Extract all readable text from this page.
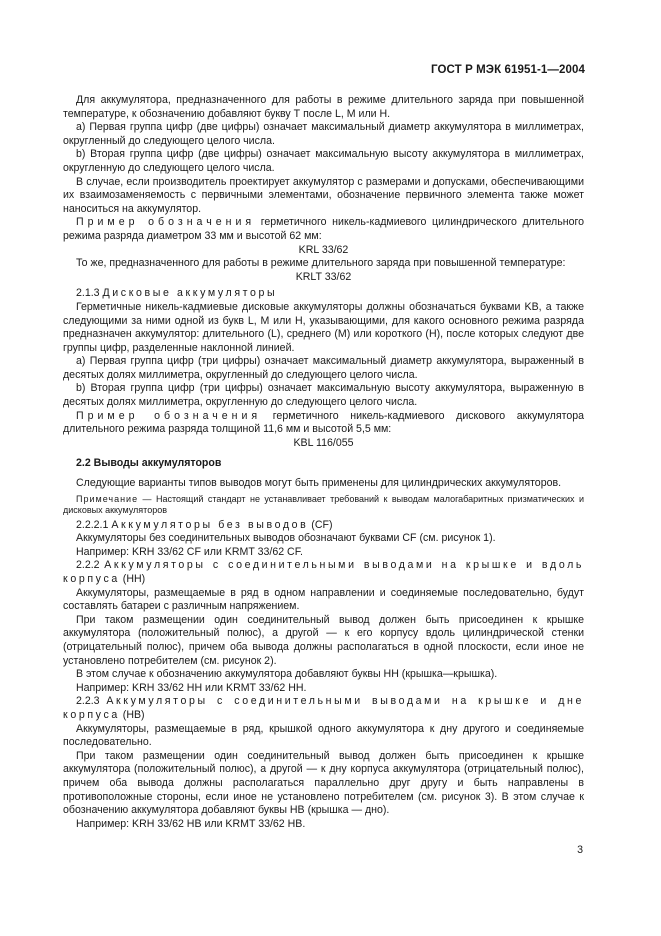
ГОСТ Р МЭК 61951-1—2004

Для аккумулятора, предназначенного для работы в режиме длительного заряда при повышенной температуре, к обозначению добавляют букву Т после L, M или Н.

a) Первая группа цифр (две цифры) означает максимальный диаметр аккумулятора в миллиметрах, округленный до следующего целого числа.

b) Вторая группа цифр (две цифры) означает максимальную высоту аккумулятора в миллиметрах, округленную до следующего целого числа.

В случае, если производитель проектирует аккумулятор с размерами и допусками, обеспечивающими их взаимозаменяемость с первичными элементами, обозначение первичного элемента также может наноситься на аккумулятор.

Пример обозначения герметичного никель-кадмиевого цилиндрического длительного режима разряда диаметром 33 мм и высотой 62 мм:

KRL 33/62

То же, предназначенного для работы в режиме длительного заряда при повышенной температуре:

KRLT 33/62

2.1.3 Дисковые аккумуляторы

Герметичные никель-кадмиевые дисковые аккумуляторы должны обозначаться буквами KB, а также следующими за ними одной из букв L, M или Н, указывающими, для какого основного режима разряда предназначен аккумулятор: длительного (L), среднего (М) или короткого (Н), после которых следуют две группы цифр, разделенные наклонной линией.

a) Первая группа цифр (три цифры) означает максимальный диаметр аккумулятора, выраженный в десятых долях миллиметра, округленный до следующего целого числа.

b) Вторая группа цифр (три цифры) означает максимальную высоту аккумулятора, выраженную в десятых долях миллиметра, округленную до следующего целого числа.

Пример обозначения герметичного никель-кадмиевого дискового аккумулятора длительного режима разряда толщиной 11,6 мм и высотой 5,5 мм:

KBL 116/055

2.2 Выводы аккумуляторов

Следующие варианты типов выводов могут быть применены для цилиндрических аккумуляторов.

Примечание — Настоящий стандарт не устанавливает требований к выводам малогабаритных призматических и дисковых аккумуляторов

2.2.2.1 Аккумуляторы без выводов (CF)

Аккумуляторы без соединительных выводов обозначают буквами CF (см. рисунок 1).

Например: KRH 33/62 CF или KRMT 33/62 CF.

2.2.2 Аккумуляторы с соединительными выводами на крышке и вдоль корпуса (НН)

Аккумуляторы, размещаемые в ряд в одном направлении и соединяемые последовательно, будут составлять батареи с различным напряжением.

При таком размещении один соединительный вывод должен быть присоединен к крышке аккумулятора (положительный полюс), а другой — к его корпусу вдоль цилиндрической стенки (отрицательный полюс), причем оба вывода должны располагаться в одной плоскости, если иное не установлено потребителем (см. рисунок 2).

В этом случае к обозначению аккумулятора добавляют буквы НН (крышка—крышка).

Например: KRH 33/62 НН или KRMT 33/62 НН.

2.2.3 Аккумуляторы с соединительными выводами на крышке и дне корпуса (НВ)

Аккумуляторы, размещаемые в ряд, крышкой одного аккумулятора к дну другого и соединяемые последовательно.

При таком размещении один соединительный вывод должен быть присоединен к крышке аккумулятора (положительный полюс), а другой — к дну корпуса аккумулятора (отрицательный полюс), причем оба вывода должны располагаться параллельно друг другу и быть направлены в противоположные стороны, если иное не установлено потребителем (см. рисунок 3). В этом случае к обозначению аккумулятора добавляют буквы НВ (крышка — дно).

Например: KRH 33/62 НВ или KRMT 33/62 НВ.

3
